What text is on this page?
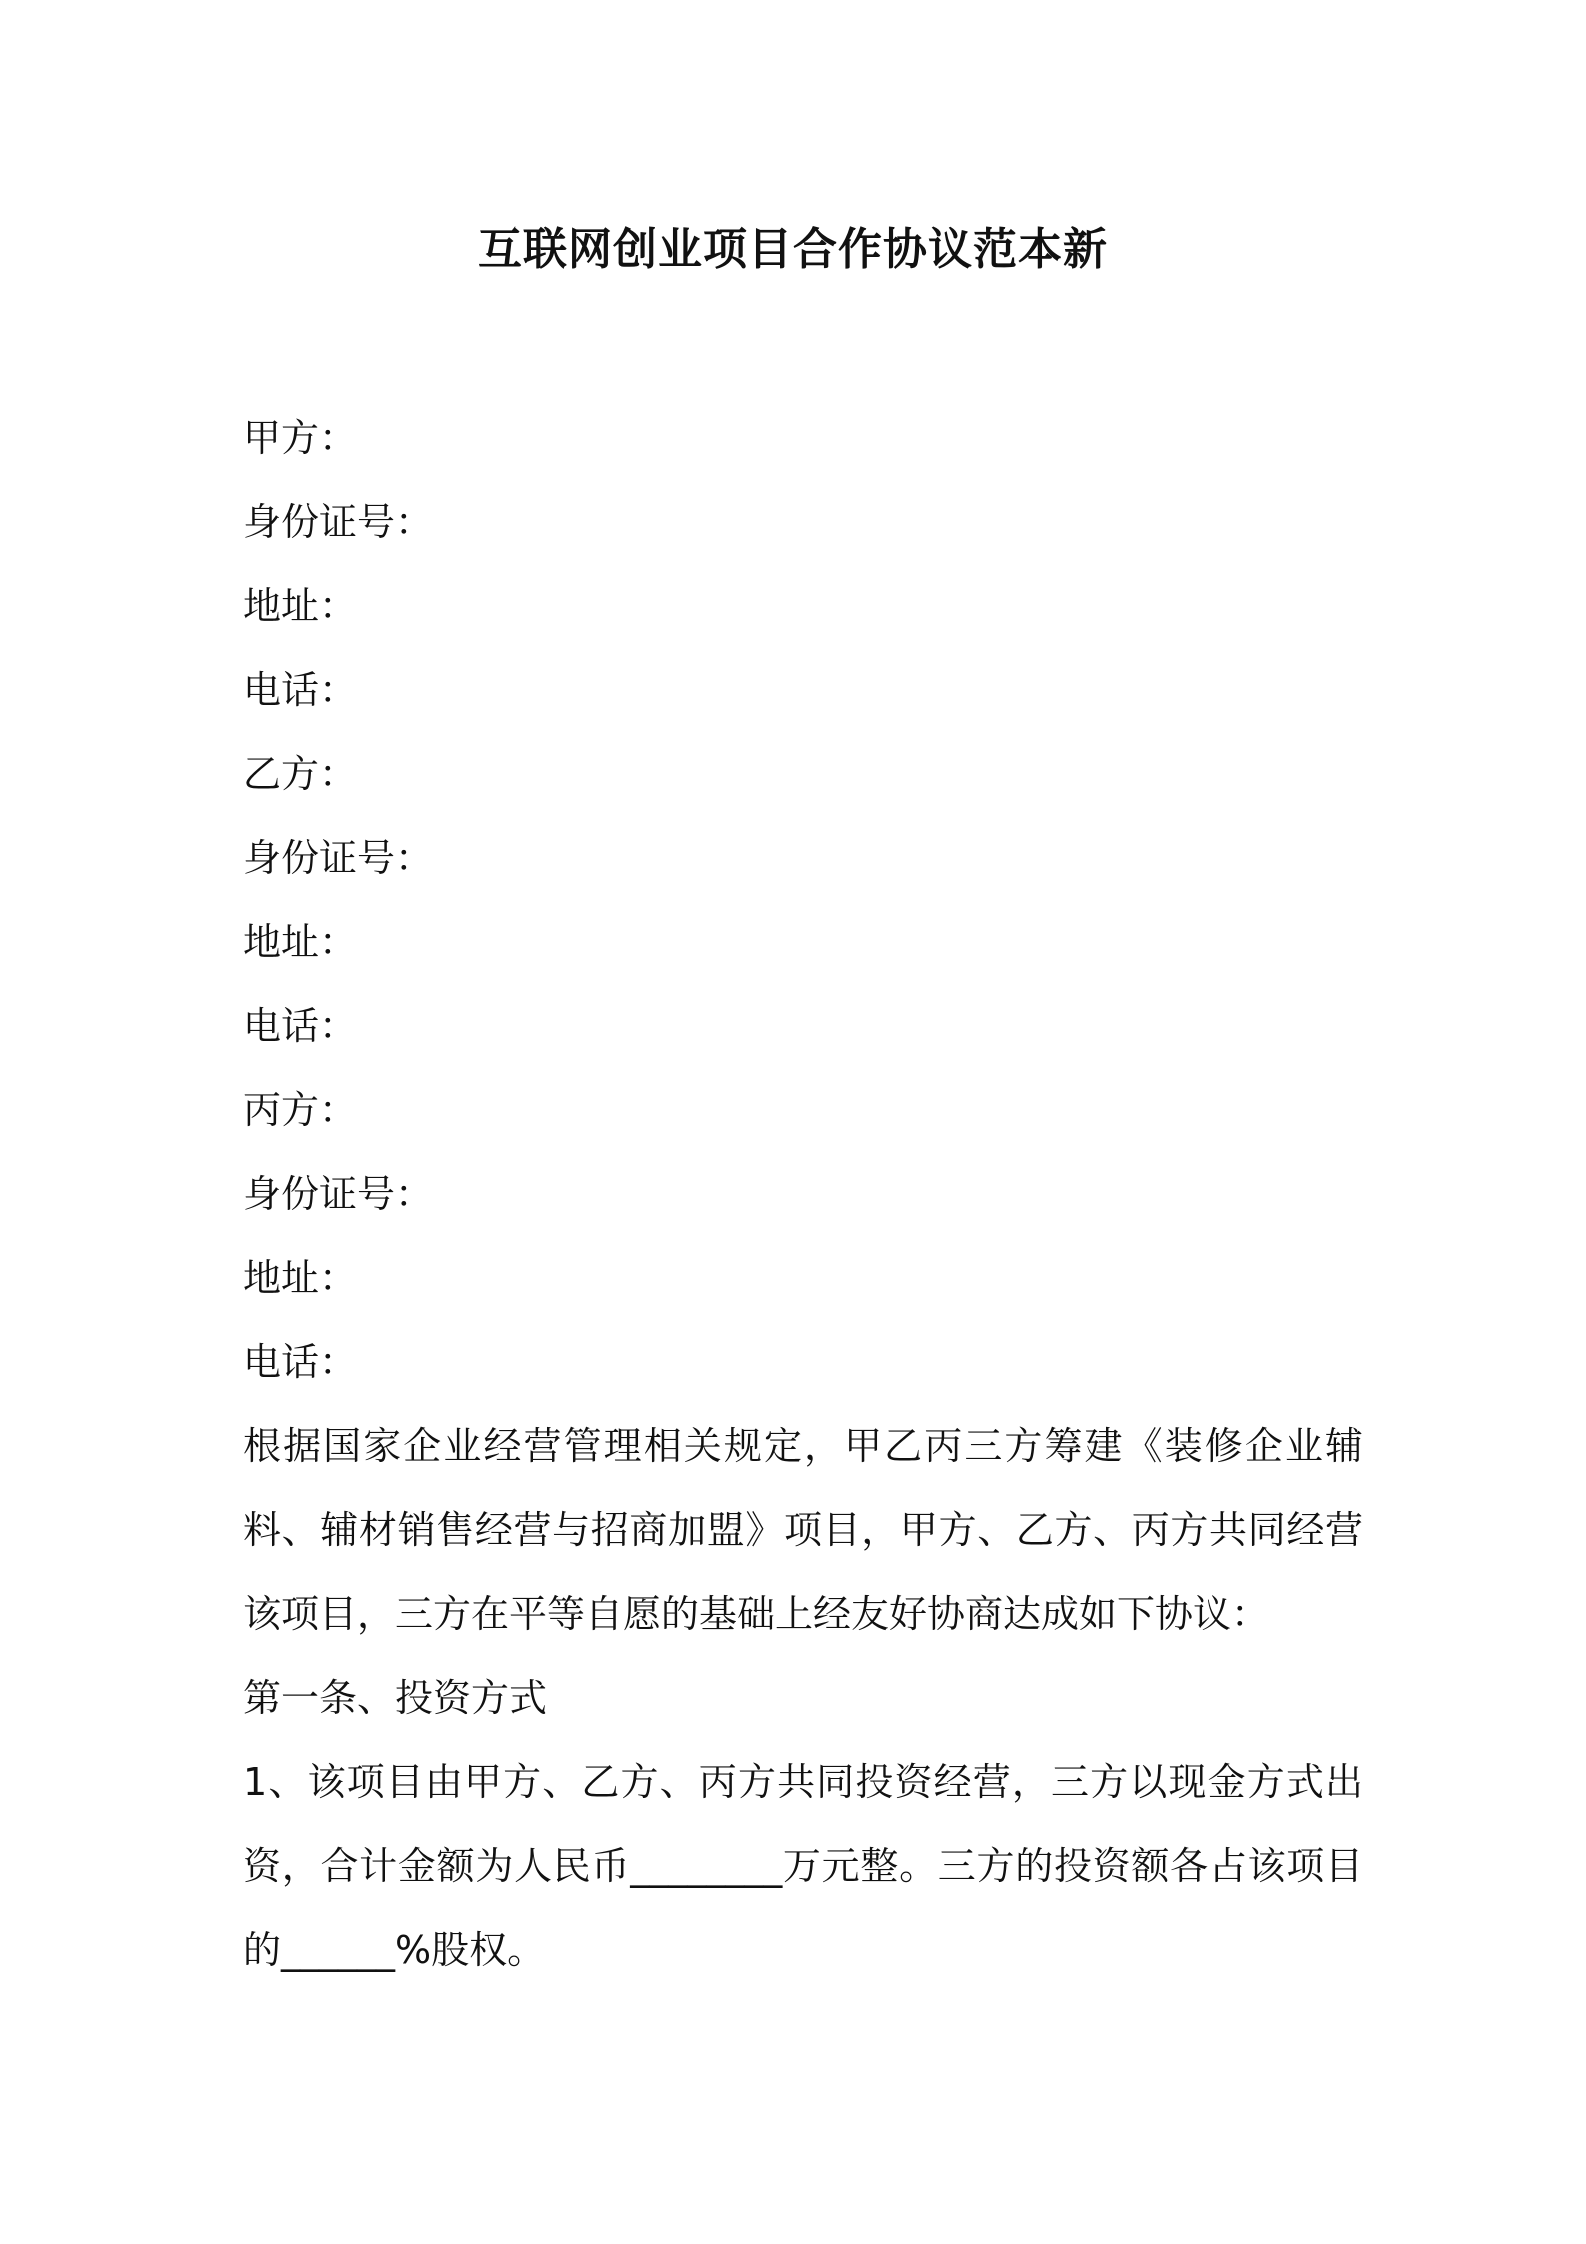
互联网创业项目合作协议范本新
甲方：
身份证号：
地址：
电话：
乙方：
身份证号：
地址：
电话：
丙方：
身份证号：
地址：
电话：

根据国家企业经营管理相关规定，甲乙丙三方筹建《装修企业辅料、辅材销售经营与招商加盟》项目，甲方、乙方、丙方共同经营该项目，三方在平等自愿的基础上经友好协商达成如下协议：

第一条、投资方式

1、该项目由甲方、乙方、丙方共同投资经营，三方以现金方式出资，合计金额为人民币________万元整。三方的投资额各占该项目的______%股权。
